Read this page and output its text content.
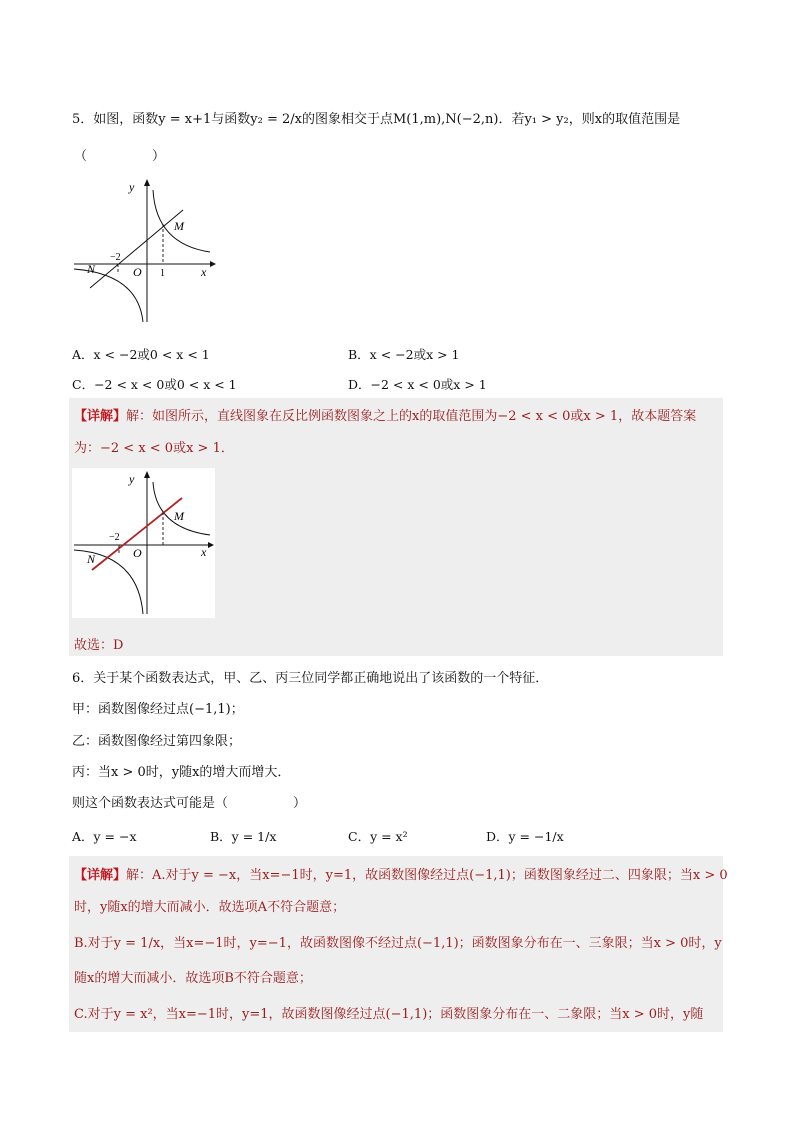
5．如图，函数y = x+1与函数y₂ = 2/x的图象相交于点M(1,m),N(−2,n)．若y₁ > y₂，则x的取值范围是
（　　　　　）
y
x
O
M
N
−2
1
A．x < −2或0 < x < 1	B．x < −2或x > 1
C．−2 < x < 0或0 < x < 1	D．−2 < x < 0或x > 1
【详解】解：如图所示，直线图象在反比例函数图象之上的x的取值范围为−2 < x < 0或x > 1，故本题答案
为：−2 < x < 0或x > 1．
y
x
O
M
N
−2
故选：D
6．关于某个函数表达式，甲、乙、丙三位同学都正确地说出了该函数的一个特征．
甲：函数图像经过点(−1,1)；
乙：函数图像经过第四象限；
丙：当x > 0时，y随x的增大而增大．
则这个函数表达式可能是（　　　　　）
A．y = −x	B．y = 1/x	C．y = x²	D．y = −1/x
【详解】解：A.对于y = −x，当x=−1时，y=1，故函数图像经过点(−1,1)；函数图象经过二、四象限；当x > 0
时，y随x的增大而减小．故选项A不符合题意；
B.对于y = 1/x，当x=−1时，y=−1，故函数图像不经过点(−1,1)；函数图象分布在一、三象限；当x > 0时，y
随x的增大而减小．故选项B不符合题意；
C.对于y = x²，当x=−1时，y=1，故函数图像经过点(−1,1)；函数图象分布在一、二象限；当x > 0时，y随
